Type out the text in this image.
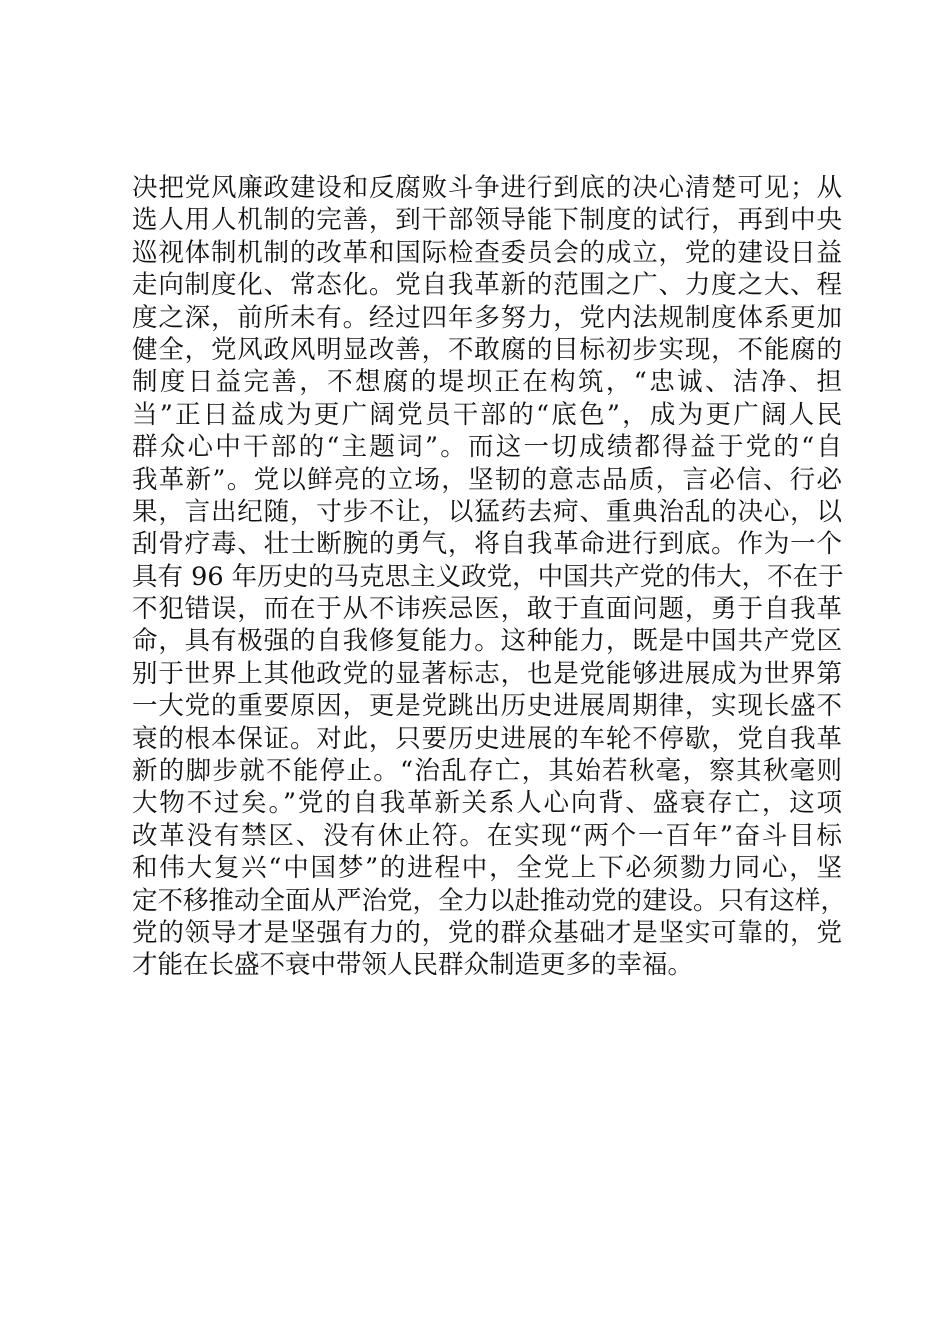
决把党风廉政建设和反腐败斗争进行到底的决心清楚可见；从
选人用人机制的完善，到干部领导能下制度的试行，再到中央
巡视体制机制的改革和国际检查委员会的成立，党的建设日益
走向制度化、常态化。党自我革新的范围之广、力度之大、程
度之深，前所未有。经过四年多努力，党内法规制度体系更加
健全，党风政风明显改善，不敢腐的目标初步实现，不能腐的
制度日益完善，不想腐的堤坝正在构筑，“忠诚、洁净、担
当”正日益成为更广阔党员干部的“底色”，成为更广阔人民
群众心中干部的“主题词”。而这一切成绩都得益于党的“自
我革新”。党以鲜亮的立场，坚韧的意志品质，言必信、行必
果，言出纪随，寸步不让，以猛药去疴、重典治乱的决心，以
刮骨疗毒、壮士断腕的勇气，将自我革命进行到底。作为一个
具有 96 年历史的马克思主义政党，中国共产党的伟大，不在于
不犯错误，而在于从不讳疾忌医，敢于直面问题，勇于自我革
命，具有极强的自我修复能力。这种能力，既是中国共产党区
别于世界上其他政党的显著标志，也是党能够进展成为世界第
一大党的重要原因，更是党跳出历史进展周期律，实现长盛不
衰的根本保证。对此，只要历史进展的车轮不停歇，党自我革
新的脚步就不能停止。“治乱存亡，其始若秋毫，察其秋毫则
大物不过矣。”党的自我革新关系人心向背、盛衰存亡，这项
改革没有禁区、没有休止符。在实现“两个一百年”奋斗目标
和伟大复兴“中国梦”的进程中，全党上下必须勠力同心，坚
定不移推动全面从严治党，全力以赴推动党的建设。只有这样，
党的领导才是坚强有力的，党的群众基础才是坚实可靠的，党
才能在长盛不衰中带领人民群众制造更多的幸福。
